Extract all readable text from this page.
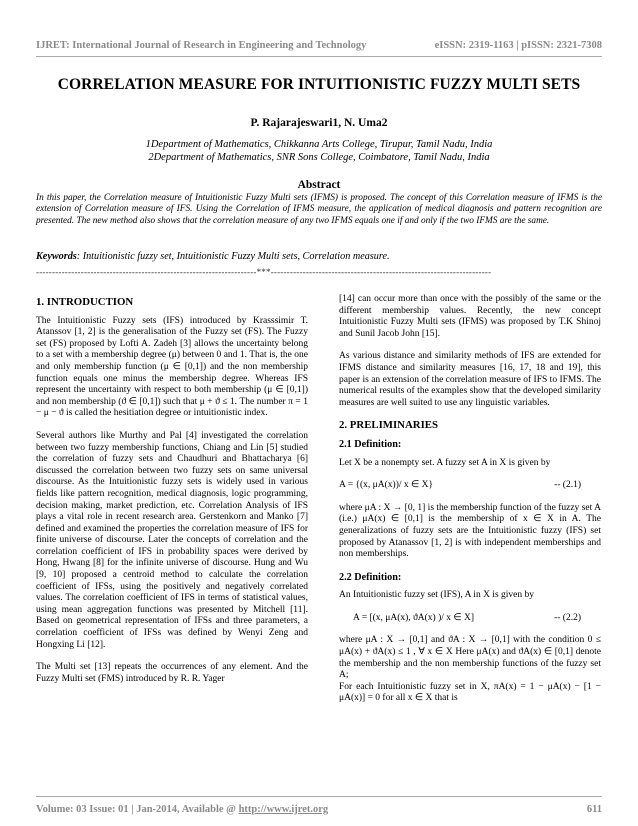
IJRET: International Journal of Research in Engineering and Technology	eISSN: 2319-1163 | pISSN: 2321-7308
CORRELATION MEASURE FOR INTUITIONISTIC FUZZY MULTI SETS
P. Rajarajeswari1, N. Uma2
1Department of Mathematics, Chikkanna Arts College, Tirupur, Tamil Nadu, India
2Department of Mathematics, SNR Sons College, Coimbatore, Tamil Nadu, India
Abstract
In this paper, the Correlation measure of Intuitionistic Fuzzy Multi sets (IFMS) is proposed. The concept of this Correlation measure of IFMS is the extension of Correlation measure of IFS. Using the Correlation of IFMS measure, the application of medical diagnosis and pattern recognition are presented. The new method also shows that the correlation measure of any two IFMS equals one if and only if the two IFMS are the same.
Keywords: Intuitionistic fuzzy set, Intuitionistic Fuzzy Multi sets, Correlation measure.
---------------------------------------------------------------------***---------------------------------------------------------------------
1. INTRODUCTION

The Intuitionistic Fuzzy sets (IFS) introduced by Krasssimir T. Atanssov [1, 2] is the generalisation of the Fuzzy set (FS). The Fuzzy set (FS) proposed by Lofti A. Zadeh [3] allows the uncertainty belong to a set with a membership degree (μ) between 0 and 1. That is, the one and only membership function (μ ∈ [0,1]) and the non membership function equals one minus the membership degree. Whereas IFS represent the uncertainty with respect to both membership (μ ∈ [0,1]) and non membership (ϑ ∈ [0,1]) such that μ + ϑ ≤ 1. The number π = 1 − μ − ϑ is called the hesitiation degree or intuitionistic index.

Several authors like Murthy and Pal [4] investigated the correlation between two fuzzy membership functions, Chiang and Lin [5] studied the correlation of fuzzy sets and Chaudhuri and Bhattacharya [6] discussed the correlation between two fuzzy sets on same universal discourse. As the Intuitionistic fuzzy sets is widely used in various fields like pattern recognition, medical diagnosis, logic programming, decision making, market prediction, etc. Correlation Analysis of IFS plays a vital role in recent research area. Gerstenkorn and Manko [7] defined and examined the properties the correlation measure of IFS for finite universe of discourse. Later the concepts of correlation and the correlation coefficient of IFS in probability spaces were derived by Hong, Hwang [8] for the infinite universe of discourse. Hung and Wu [9, 10] proposed a centroid method to calculate the correlation coefficient of IFSs, using the positively and negatively correlated values. The correlation coefficient of IFS in terms of statistical values, using mean aggregation functions was presented by Mitchell [11]. Based on geometrical representation of IFSs and three parameters, a correlation coefficient of IFSs was defined by Wenyi Zeng and Hongxing Li [12].

The Multi set [13] repeats the occurrences of any element. And the Fuzzy Multi set (FMS) introduced by R. R. Yager

[14] can occur more than once with the possibly of the same or the different membership values. Recently, the new concept Intuitionistic Fuzzy Multi sets (IFMS) was proposed by T.K Shinoj and Sunil Jacob John [15].

As various distance and similarity methods of IFS are extended for IFMS distance and similarity measures [16, 17, 18 and 19], this paper is an extension of the correlation measure of IFS to IFMS. The numerical results of the examples show that the developed similarity measures are well suited to use any linguistic variables.

2. PRELIMINARIES
2.1 Definition:

Let X be a nonempty set. A fuzzy set A in X is given by

A = {(x, μA(x))/ x ∈ X}	-- (2.1)

where μA : X → [0, 1] is the membership function of the fuzzy set A (i.e.) μA(x) ∈ [0,1] is the membership of x ∈ X in A. The generalizations of fuzzy sets are the Intuitionistic fuzzy (IFS) set proposed by Atanassov [1, 2] is with independent memberships and non memberships.

2.2 Definition:

An Intuitionistic fuzzy set (IFS), A in X is given by

A = [(x, μA(x), ϑA(x) )/ x ∈ X]	-- (2.2)

where μA : X → [0,1] and ϑA : X → [0,1] with the condition 0 ≤ μA(x) + ϑA(x) ≤ 1 , ∀ x ∈ X Here μA(x) and ϑA(x) ∈ [0,1] denote the membership and the non membership functions of the fuzzy set A;

For each Intuitionistic fuzzy set in X, πA(x) = 1 − μA(x) − [1 − μA(x)] = 0 for all x ∈ X that is

Volume: 03 Issue: 01 | Jan-2014, Available @ http://www.ijret.org	611
